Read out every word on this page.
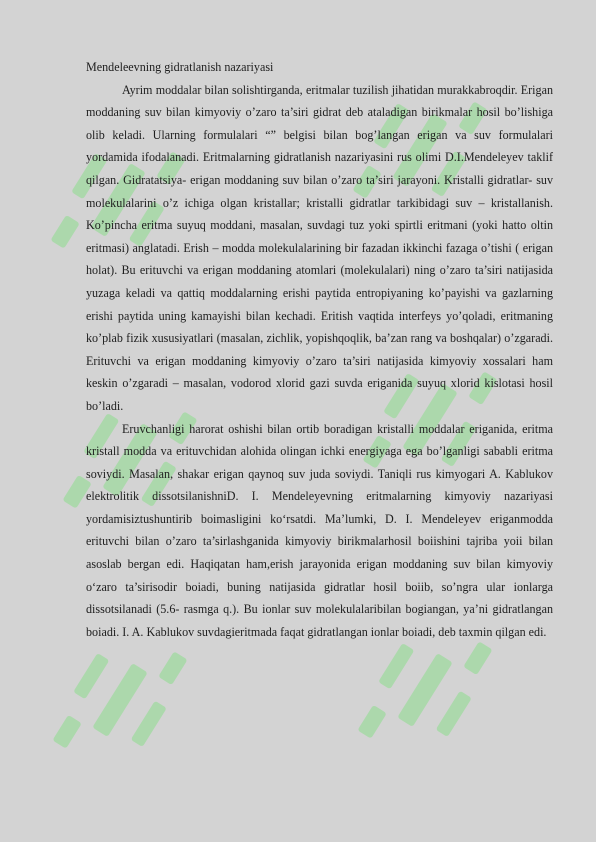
Mendeleevning gidratlanish nazariyasi

Ayrim moddalar bilan solishtirganda, eritmalar tuzilish jihatidan murakkabroqdir. Erigan moddaning suv bilan kimyoviy o’zaro ta’siri gidrat deb ataladigan birikmalar hosil bo’lishiga olib keladi. Ularning formulalari “” belgisi bilan bog’langan erigan va suv formulalari yordamida ifodalanadi. Eritmalarning gidratlanish nazariyasini rus olimi D.I.Mendeleyev taklif qilgan. Gidratatsiya- erigan moddaning suv bilan o’zaro ta’siri jarayoni. Kristalli gidratlar- suv molekulalarini o’z ichiga olgan kristallar; kristalli gidratlar tarkibidagi suv – kristallanish. Ko’pincha eritma suyuq moddani, masalan, suvdagi tuz yoki spirtli eritmani (yoki hatto oltin eritmasi) anglatadi. Erish – modda molekulalarining bir fazadan ikkinchi fazaga o’tishi ( erigan holat). Bu erituvchi va erigan moddaning atomlari (molekulalari) ning o’zaro ta’siri natijasida yuzaga keladi va qattiq moddalarning erishi paytida entropiyaning ko’payishi va gazlarning erishi paytida uning kamayishi bilan kechadi. Eritish vaqtida interfeys yo’qoladi, eritmaning ko’plab fizik xususiyatlari (masalan, zichlik, yopishqoqlik, ba’zan rang va boshqalar) o’zgaradi. Erituvchi va erigan moddaning kimyoviy o’zaro ta’siri natijasida kimyoviy xossalari ham keskin o’zgaradi – masalan, vodorod xlorid gazi suvda eriganida suyuq xlorid kislotasi hosil bo’ladi.

Eruvchanligi harorat oshishi bilan ortib boradigan kristalli moddalar eriganida, eritma kristall modda va erituvchidan alohida olingan ichki energiyaga ega bo’lganligi sababli eritma soviydi. Masalan, shakar erigan qaynoq suv juda soviydi. Taniqli rus kimyogari A. Kablukov elektrolitik dissotsilanishniD. I. Mendeleyevning eritmalarning kimyoviy nazariyasi yordamisiztushuntirib boimasligini ko‘rsatdi. Ma’lumki, D. I. Mendeleyev eriganmodda erituvchi bilan o’zaro ta’sirlashganida kimyoviy birikmalarhosil boiishini tajriba yoii bilan asoslab bergan edi. Haqiqatan ham,erish jarayonida erigan moddaning suv bilan kimyoviy o‘zaro ta’sirisodir boiadi, buning natijasida gidratlar hosil boiib, so’ngra ular ionlarga dissotsilanadi (5.6- rasmga q.). Bu ionlar suv molekulalaribilan bogiangan, ya’ni gidratlangan boiadi. I. A. Kablukov suvdagieritmada faqat gidratlangan ionlar boiadi, deb taxmin qilgan edi.
